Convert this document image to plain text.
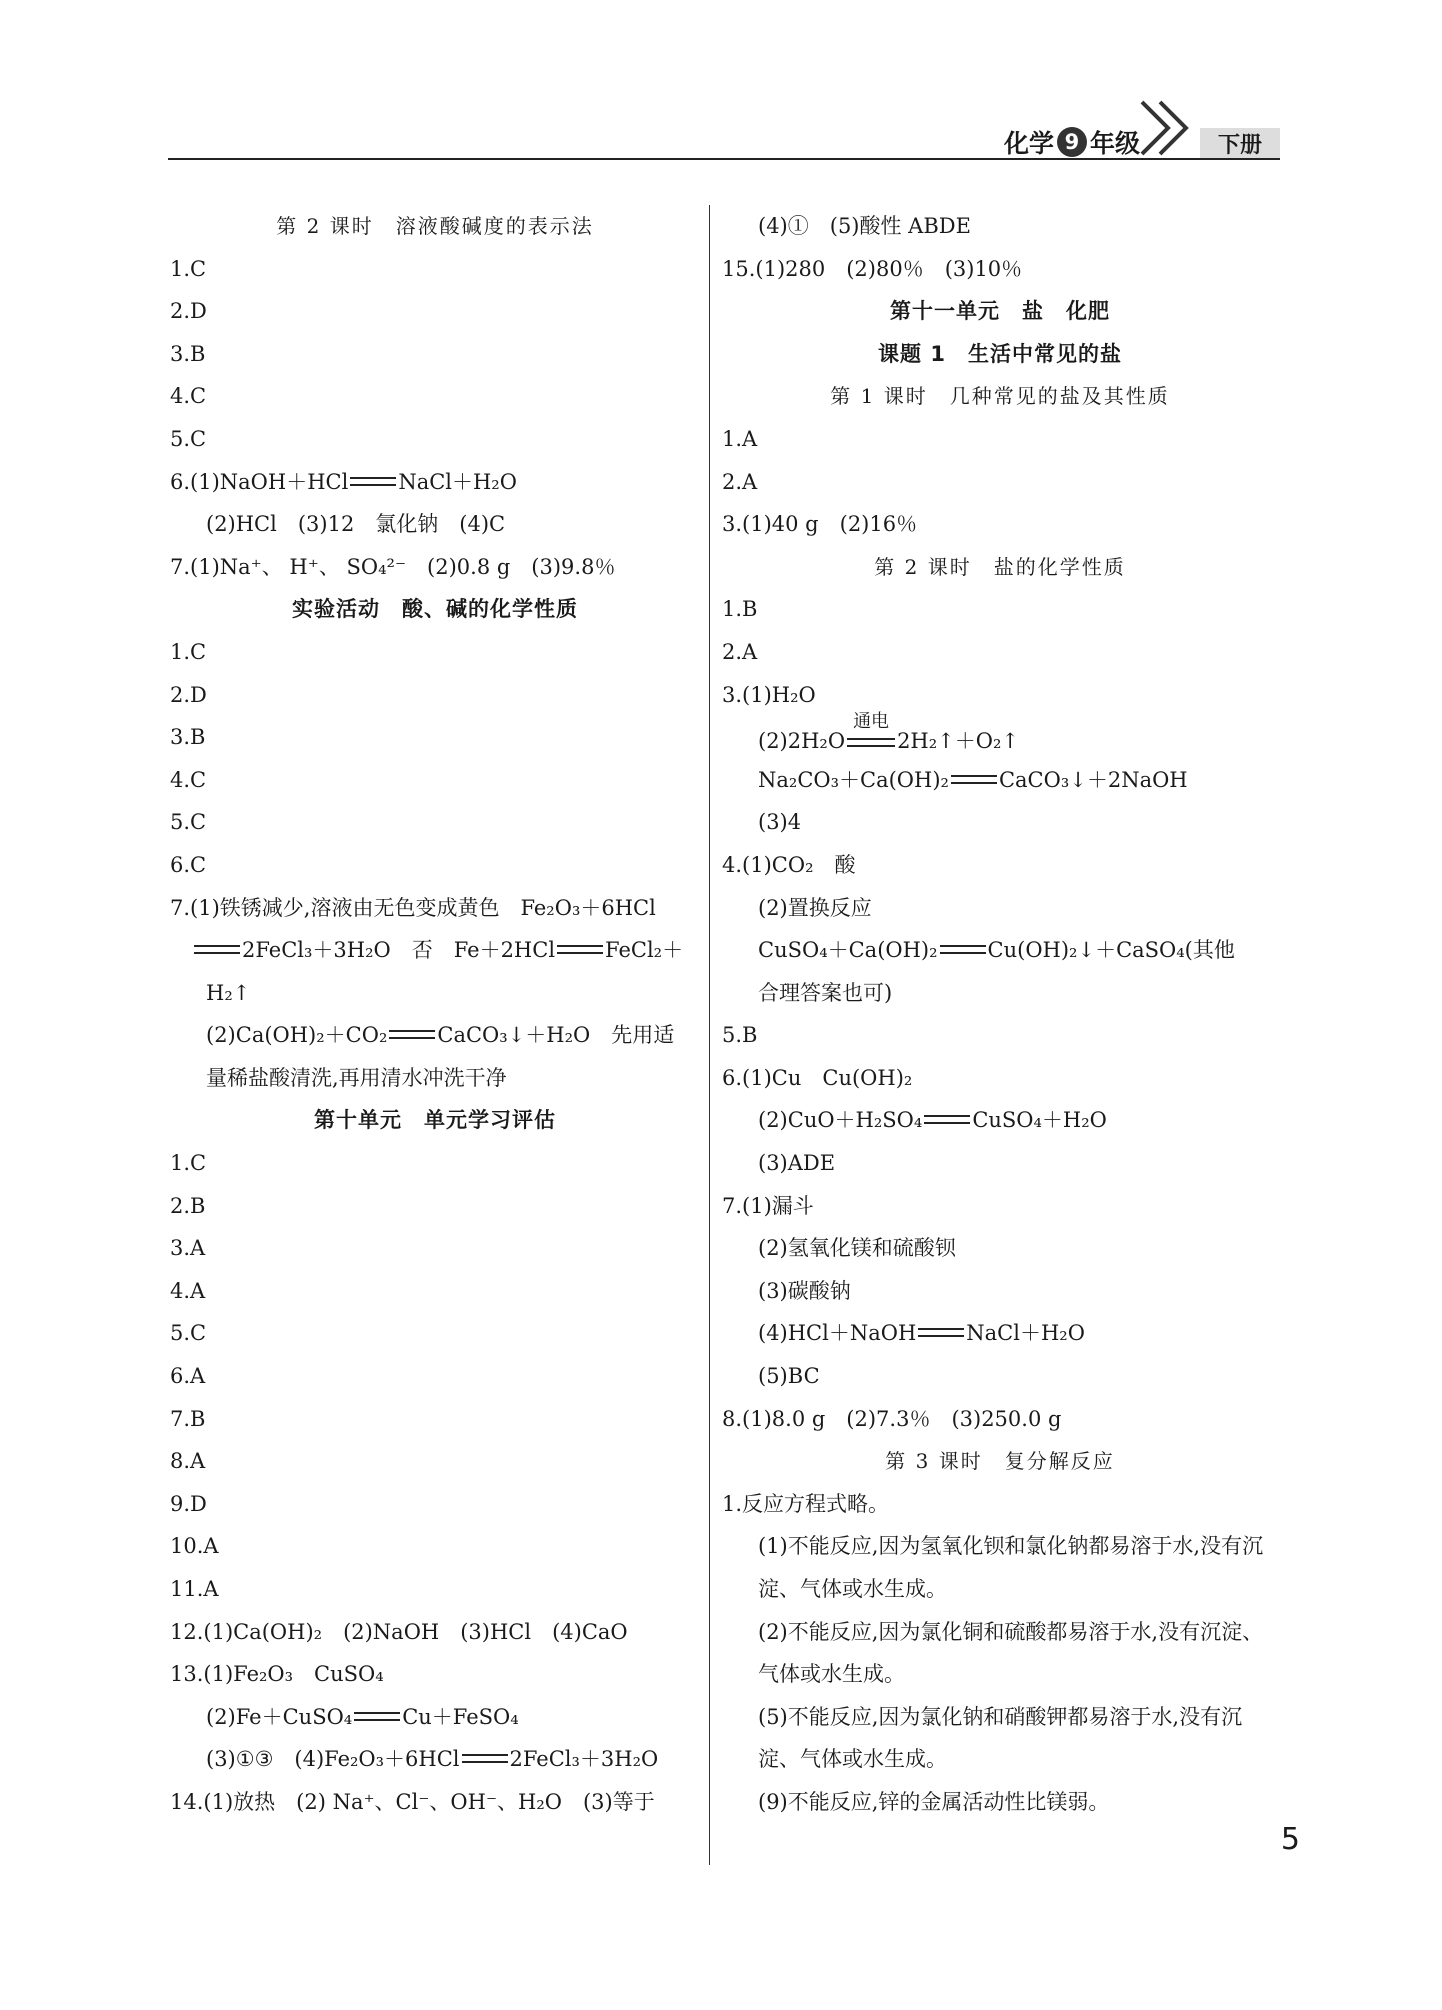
化学 9 年级	下册
第 2 课时　溶液酸碱度的表示法
1.C
2.D
3.B
4.C
5.C
6.(1)NaOH＋HCl NaCl＋H₂O
(2)HCl　(3)12　氯化钠　(4)C
7.(1)Na⁺、 H⁺、 SO₄²⁻　(2)0.8 g　(3)9.8％
实验活动　酸、碱的化学性质
1.C
2.D
3.B
4.C
5.C
6.C
7.(1)铁锈减少,溶液由无色变成黄色　Fe₂O₃＋6HCl
2FeCl₃＋3H₂O　否　Fe＋2HCl FeCl₂＋
H₂↑
(2)Ca(OH)₂＋CO₂ CaCO₃↓＋H₂O　先用适
量稀盐酸清洗,再用清水冲洗干净
第十单元　单元学习评估
1.C
2.B
3.A
4.A
5.C
6.A
7.B
8.A
9.D
10.A
11.A
12.(1)Ca(OH)₂　(2)NaOH　(3)HCl　(4)CaO
13.(1)Fe₂O₃　CuSO₄
(2)Fe＋CuSO₄ Cu＋FeSO₄
(3)①③　(4)Fe₂O₃＋6HCl 2FeCl₃＋3H₂O
14.(1)放热　(2) Na⁺、Cl⁻、OH⁻、H₂O　(3)等于
(4)①　(5)酸性 ABDE
15.(1)280　(2)80％　(3)10％
第十一单元　盐　化肥
课题 1　生活中常见的盐
第 1 课时　几种常见的盐及其性质
1.A
2.A
3.(1)40 g　(2)16％
第 2 课时　盐的化学性质
1.B
2.A
3.(1)H₂O
(2)2H₂O
通电
2H₂↑＋O₂↑
Na₂CO₃＋Ca(OH)₂ CaCO₃↓＋2NaOH
(3)4
4.(1)CO₂　酸
(2)置换反应
CuSO₄＋Ca(OH)₂ Cu(OH)₂↓＋CaSO₄(其他
合理答案也可)
5.B
6.(1)Cu　Cu(OH)₂
(2)CuO＋H₂SO₄ CuSO₄＋H₂O
(3)ADE
7.(1)漏斗
(2)氢氧化镁和硫酸钡
(3)碳酸钠
(4)HCl＋NaOH NaCl＋H₂O
(5)BC
8.(1)8.0 g　(2)7.3％　(3)250.0 g
第 3 课时　复分解反应
1.反应方程式略。
(1)不能反应,因为氢氧化钡和氯化钠都易溶于水,没有沉淀、气体或水生成。
(2)不能反应,因为氯化铜和硫酸都易溶于水,没有沉淀、气体或水生成。
(5)不能反应,因为氯化钠和硝酸钾都易溶于水,没有沉淀、气体或水生成。
(9)不能反应,锌的金属活动性比镁弱。
5
